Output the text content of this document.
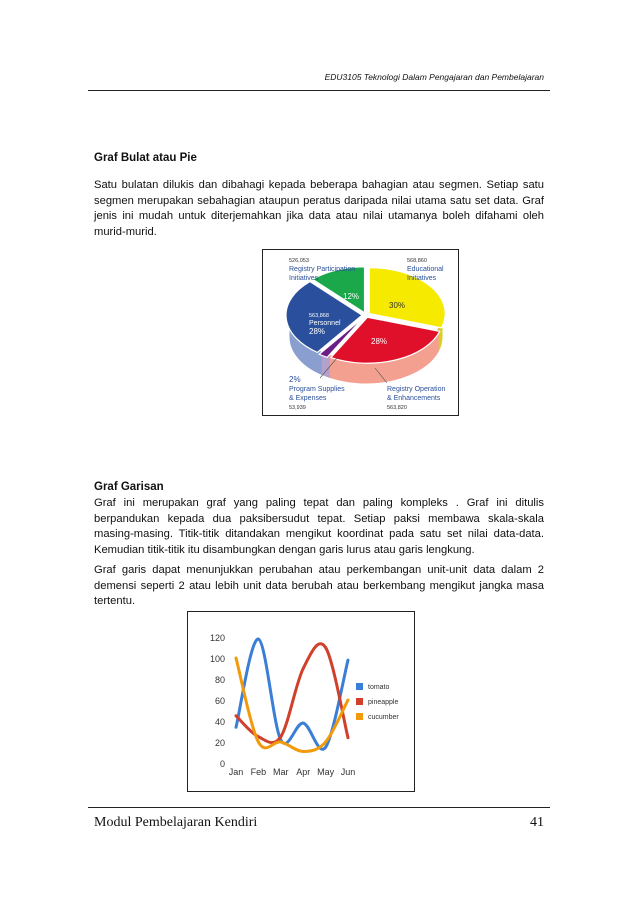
EDU3105 Teknologi Dalam Pengajaran dan Pembelajaran
Graf Bulat atau Pie
Satu bulatan dilukis dan dibahagi kepada beberapa bahagian atau segmen. Setiap satu segmen merupakan sebahagian ataupun peratus daripada nilai utama satu set data. Graf jenis ini mudah untuk diterjemahkan jika data atau nilai utamanya boleh difahami oleh murid-murid.
568,860
Educational
Initiatives
526,053
Registry Participation
Initiatives
30%
12%
563,868
Personnel
28%
28%
2%
Program Supplies
& Expenses
53,939
Registry Operation
& Enhancements
563,820
Graf Garisan
Graf ini merupakan graf yang paling tepat dan paling kompleks . Graf ini ditulis berpandukan kepada dua paksibersudut tepat. Setiap paksi membawa skala-skala masing-masing. Titik-titik ditandakan mengikut koordinat pada satu set nilai data-data. Kemudian titik-titik itu disambungkan dengan garis lurus atau garis lengkung.
Graf garis dapat menunjukkan perubahan atau perkembangan unit-unit data dalam 2 demensi seperti 2 atau lebih unit data berubah atau berkembang mengikut jangka masa tertentu.
0
20
40
60
80
100
120
Jan Feb Mar Apr May Jun
tomato
pineapple
cucumber
Modul Pembelajaran Kendiri	41
